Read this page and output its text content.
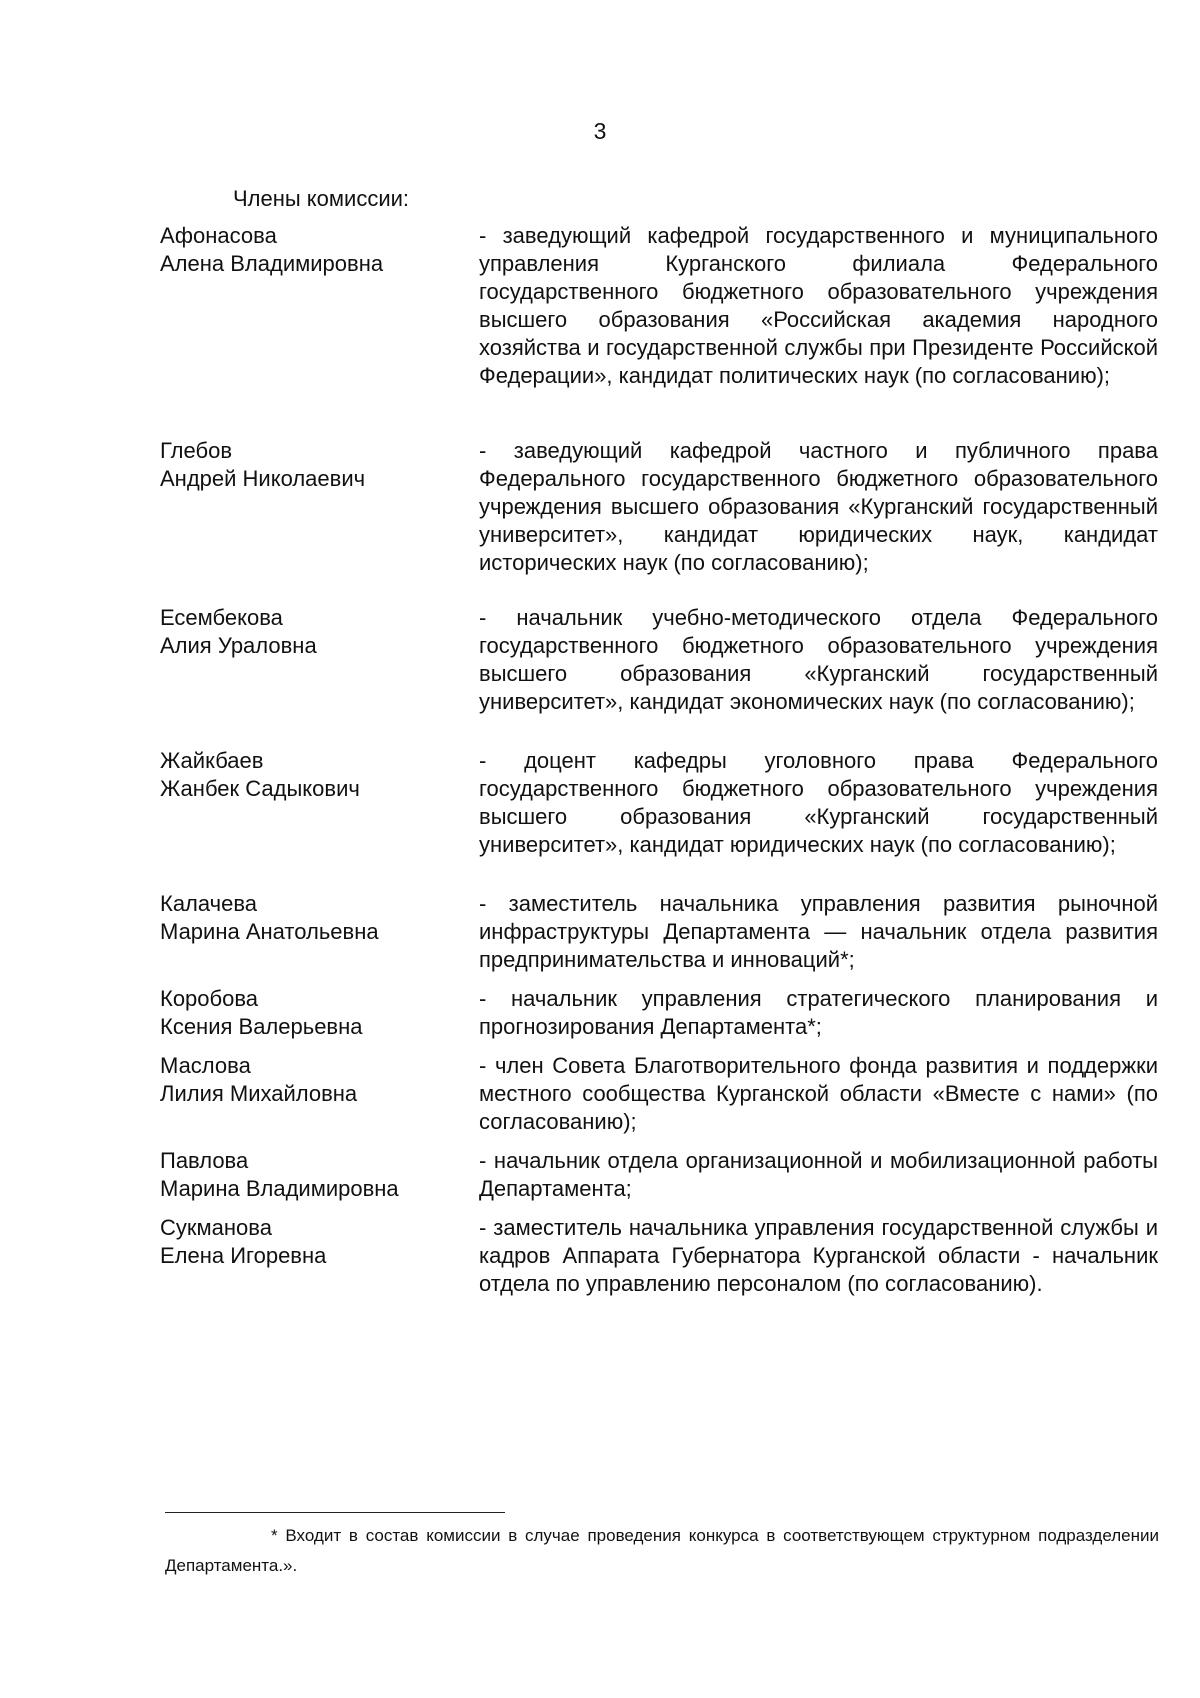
3
Члены комиссии:
Афонасова
Алена Владимировна
- заведующий кафедрой государственного и муниципального управления Курганского филиала Федерального государственного бюджетного образовательного учреждения высшего образования «Российская академия народного хозяйства и государственной службы при Президенте Российской Федерации», кандидат политических наук (по согласованию);
Глебов
Андрей Николаевич
- заведующий кафедрой частного и публичного права Федерального государственного бюджетного образовательного учреждения высшего образования «Курганский государственный университет», кандидат юридических наук, кандидат исторических наук (по согласованию);
Есембекова
Алия Ураловна
- начальник учебно-методического отдела Федерального государственного бюджетного образовательного учреждения высшего образования «Курганский государственный университет», кандидат экономических наук (по согласованию);
Жайкбаев
Жанбек Садыкович
- доцент кафедры уголовного права Федерального государственного бюджетного образовательного учреждения высшего образования «Курганский государственный университет», кандидат юридических наук (по согласованию);
Калачева
Марина Анатольевна
- заместитель начальника управления развития рыночной инфраструктуры Департамента — начальник отдела развития предпринимательства и инноваций*;
Коробова
Ксения Валерьевна
- начальник управления стратегического планирования и прогнозирования Департамента*;
Маслова
Лилия Михайловна
- член Совета Благотворительного фонда развития и поддержки местного сообщества Курганской области «Вместе с нами» (по согласованию);
Павлова
Марина Владимировна
- начальник отдела организационной и мобилизационной работы Департамента;
Сукманова
Елена Игоревна
- заместитель начальника управления государственной службы и кадров Аппарата Губернатора Курганской области - начальник отдела по управлению персоналом (по согласованию).
* Входит в состав комиссии в случае проведения конкурса в соответствующем структурном подразделении Департамента.».
